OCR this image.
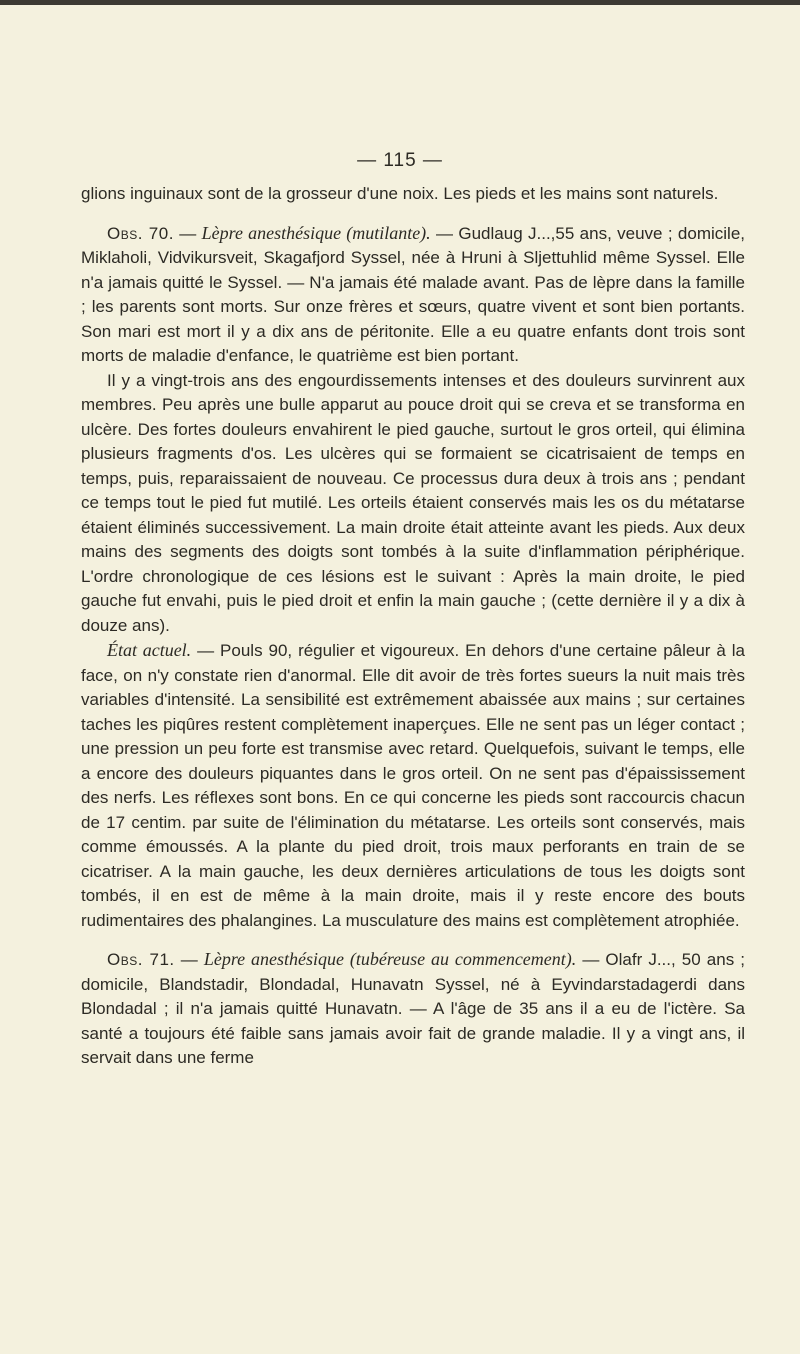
— 115 —

glions inguinaux sont de la grosseur d'une noix. Les pieds et les mains sont naturels.

Obs. 70. — Lèpre anesthésique (mutilante). — Gudlaug J...,55 ans, veuve ; domicile, Miklaholi, Vidvikursveit, Skagafjord Syssel, née à Hruni à Sljettuhlid même Syssel. Elle n'a jamais quitté le Syssel. — N'a jamais été malade avant. Pas de lèpre dans la famille ; les parents sont morts. Sur onze frères et sœurs, quatre vivent et sont bien portants. Son mari est mort il y a dix ans de péritonite. Elle a eu quatre enfants dont trois sont morts de maladie d'enfance, le quatrième est bien portant.

Il y a vingt-trois ans des engourdissements intenses et des douleurs survinrent aux membres. Peu après une bulle apparut au pouce droit qui se creva et se transforma en ulcère. Des fortes douleurs envahirent le pied gauche, surtout le gros orteil, qui élimina plusieurs fragments d'os. Les ulcères qui se formaient se cicatrisaient de temps en temps, puis, reparaissaient de nouveau. Ce processus dura deux à trois ans ; pendant ce temps tout le pied fut mutilé. Les orteils étaient conservés mais les os du métatarse étaient éliminés successivement. La main droite était atteinte avant les pieds. Aux deux mains des segments des doigts sont tombés à la suite d'inflammation périphérique. L'ordre chronologique de ces lésions est le suivant : Après la main droite, le pied gauche fut envahi, puis le pied droit et enfin la main gauche ; (cette dernière il y a dix à douze ans).

État actuel. — Pouls 90, régulier et vigoureux. En dehors d'une certaine pâleur à la face, on n'y constate rien d'anormal. Elle dit avoir de très fortes sueurs la nuit mais très variables d'intensité. La sensibilité est extrêmement abaissée aux mains ; sur certaines taches les piqûres restent complètement inaperçues. Elle ne sent pas un léger contact ; une pression un peu forte est transmise avec retard. Quelquefois, suivant le temps, elle a encore des douleurs piquantes dans le gros orteil. On ne sent pas d'épaississement des nerfs. Les réflexes sont bons. En ce qui concerne les pieds sont raccourcis chacun de 17 centim. par suite de l'élimination du métatarse. Les orteils sont conservés, mais comme émoussés. A la plante du pied droit, trois maux perforants en train de se cicatriser. A la main gauche, les deux dernières articulations de tous les doigts sont tombés, il en est de même à la main droite, mais il y reste encore des bouts rudimentaires des phalangines. La musculature des mains est complètement atrophiée.

Obs. 71. — Lèpre anesthésique (tubéreuse au commencement). — Olafr J..., 50 ans ; domicile, Blandstadir, Blondadal, Hunavatn Syssel, né à Eyvindarstadagerdi dans Blondadal ; il n'a jamais quitté Hunavatn. — A l'âge de 35 ans il a eu de l'ictère. Sa santé a toujours été faible sans jamais avoir fait de grande maladie. Il y a vingt ans, il servait dans une ferme
